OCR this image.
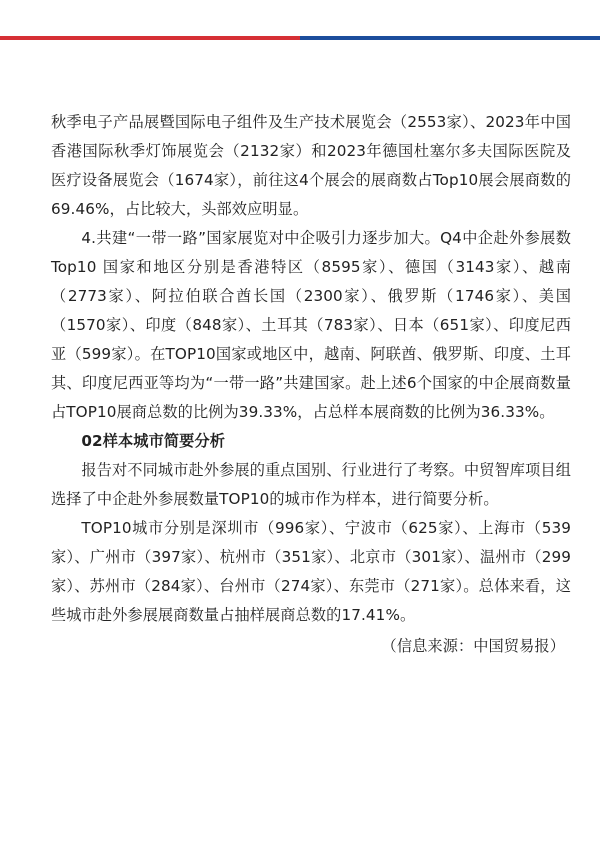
秋季电子产品展暨国际电子组件及生产技术展览会（2553家）、2023年中国香港国际秋季灯饰展览会（2132家）和2023年德国杜塞尔多夫国际医院及医疗设备展览会（1674家），前往这4个展会的展商数占Top10展会展商数的69.46%，占比较大，头部效应明显。

4.共建“一带一路”国家展览对中企吸引力逐步加大。Q4中企赴外参展数Top10 国家和地区分别是香港特区（8595家）、德国（3143家）、越南（2773家）、阿拉伯联合酋长国（2300家）、俄罗斯（1746家）、美国（1570家）、印度（848家）、土耳其（783家）、日本（651家）、印度尼西亚（599家）。在TOP10国家或地区中，越南、阿联酋、俄罗斯、印度、土耳其、印度尼西亚等均为“一带一路”共建国家。赴上述6个国家的中企展商数量占TOP10展商总数的比例为39.33%，占总样本展商数的比例为36.33%。

02样本城市简要分析

报告对不同城市赴外参展的重点国别、行业进行了考察。中贸智库项目组选择了中企赴外参展数量TOP10的城市作为样本，进行简要分析。

TOP10城市分别是深圳市（996家）、宁波市（625家）、上海市（539家）、广州市（397家）、杭州市（351家）、北京市（301家）、温州市（299家）、苏州市（284家）、台州市（274家）、东莞市（271家）。总体来看，这些城市赴外参展展商数量占抽样展商总数的17.41%。

（信息来源：中国贸易报）
